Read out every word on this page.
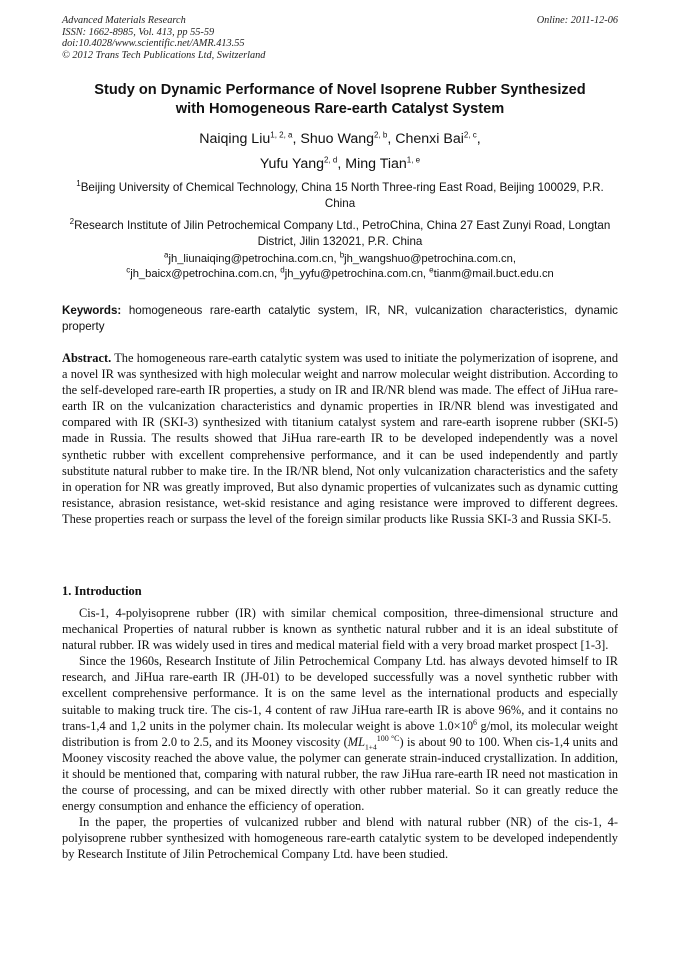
Advanced Materials Research
ISSN: 1662-8985, Vol. 413, pp 55-59
doi:10.4028/www.scientific.net/AMR.413.55
© 2012 Trans Tech Publications Ltd, Switzerland
Online: 2011-12-06
Study on Dynamic Performance of Novel Isoprene Rubber Synthesized
with Homogeneous Rare-earth Catalyst System
Naiqing Liu$^{1, 2, a}$, Shuo Wang$^{2, b}$, Chenxi Bai$^{2, c}$,
Yufu Yang$^{2, d}$, Ming Tian$^{1, e}$
$^1$Beijing University of Chemical Technology, China 15 North Three-ring East Road, Beijing 100029, P.R. China
$^2$Research Institute of Jilin Petrochemical Company Ltd., PetroChina, China 27 East Zunyi Road, Longtan District, Jilin 132021, P.R. China
$^a$jh_liunaiqing@petrochina.com.cn, $^b$jh_wangshuo@petrochina.com.cn,
$^c$jh_baicx@petrochina.com.cn, $^d$jh_yyfu@petrochina.com.cn, $^e$tianm@mail.buct.edu.cn
Keywords: homogeneous rare-earth catalytic system, IR, NR, vulcanization characteristics, dynamic property
Abstract. The homogeneous rare-earth catalytic system was used to initiate the polymerization of isoprene, and a novel IR was synthesized with high molecular weight and narrow molecular weight distribution. According to the self-developed rare-earth IR properties, a study on IR and IR/NR blend was made. The effect of JiHua rare-earth IR on the vulcanization characteristics and dynamic properties in IR/NR blend was investigated and compared with IR (SKI-3) synthesized with titanium catalyst system and rare-earth isoprene rubber (SKI-5) made in Russia. The results showed that JiHua rare-earth IR to be developed independently was a novel synthetic rubber with excellent comprehensive performance, and it can be used independently and partly substitute natural rubber to make tire. In the IR/NR blend, Not only vulcanization characteristics and the safety in operation for NR was greatly improved, But also dynamic properties of vulcanizates such as dynamic cutting resistance, abrasion resistance, wet-skid resistance and aging resistance were improved to different degrees. These properties reach or surpass the level of the foreign similar products like Russia SKI-3 and Russia SKI-5.
1. Introduction

Cis-1, 4-polyisoprene rubber (IR) with similar chemical composition, three-dimensional structure and mechanical Properties of natural rubber is known as synthetic natural rubber and it is an ideal substitute of natural rubber. IR was widely used in tires and medical material field with a very broad market prospect [1-3].

Since the 1960s, Research Institute of Jilin Petrochemical Company Ltd. has always devoted himself to IR research, and JiHua rare-earth IR (JH-01) to be developed successfully was a novel synthetic rubber with excellent comprehensive performance. It is on the same level as the international products and especially suitable to making truck tire. The cis-1, 4 content of raw JiHua rare-earth IR is above 96%, and it contains no trans-1,4 and 1,2 units in the polymer chain. Its molecular weight is above $1.0\times 10^6$ g/mol, its molecular weight distribution is from 2.0 to 2.5, and its Mooney viscosity $(ML_{1+4}^{100 ^\circ C})$ is about 90 to 100. When cis-1,4 units and Mooney viscosity reached the above value, the polymer can generate strain-induced crystallization. In addition, it should be mentioned that, comparing with natural rubber, the raw JiHua rare-earth IR need not mastication in the course of processing, and can be mixed directly with other rubber material. So it can greatly reduce the energy consumption and enhance the efficiency of operation.

In the paper, the properties of vulcanized rubber and blend with natural rubber (NR) of the cis-1, 4-polyisoprene rubber synthesized with homogeneous rare-earth catalytic system to be developed independently by Research Institute of Jilin Petrochemical Company Ltd. have been studied.
